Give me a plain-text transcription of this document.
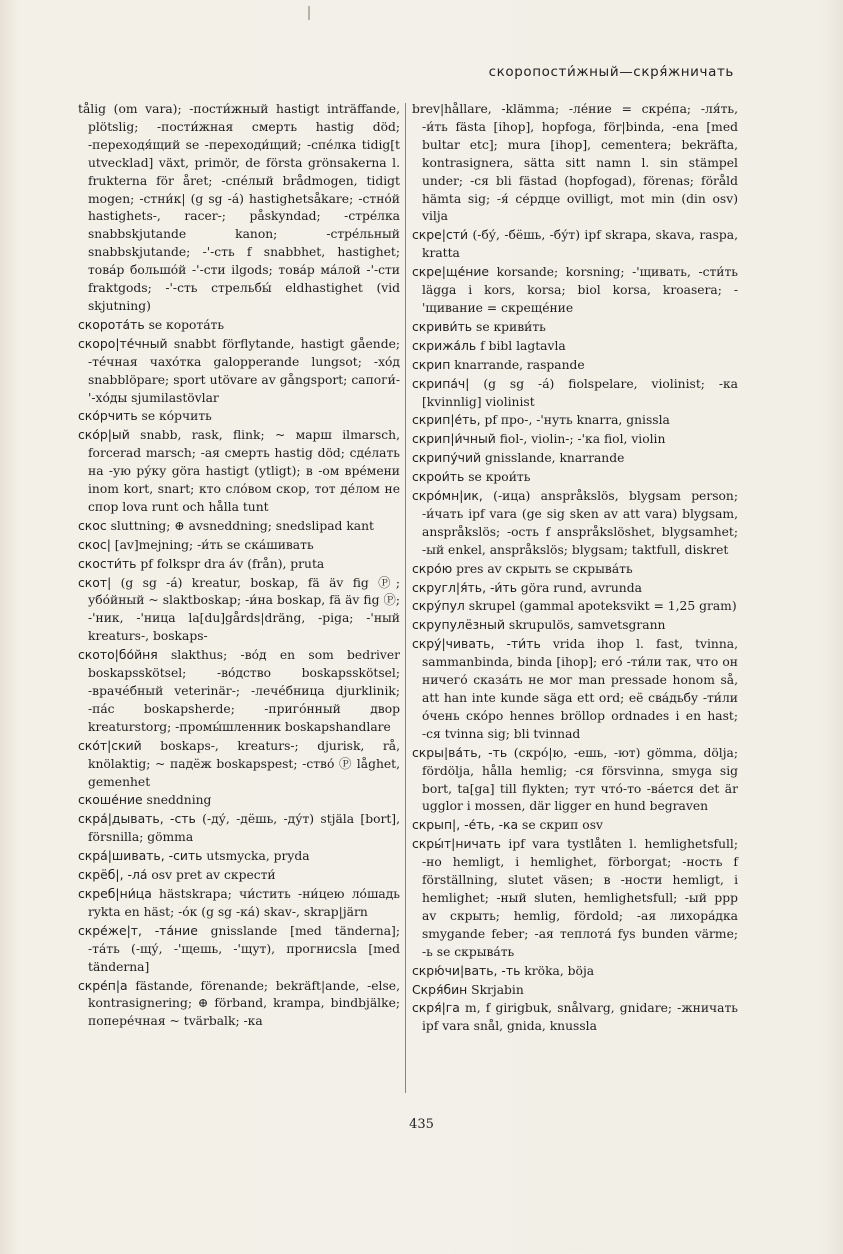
скоропости́жный—скря́жничать
tålig (om vara); -пости́жный hastigt inträffande, plötslig; -пости́жная смерть hastig död; -переходя́щий se -переходи́щий; -спе́лка tidig[t utvecklad] växt, primör, de första grönsakerna l. frukterna för året; -спе́лый brådmogen, tidigt mogen; -стни́к| (g sg -á) hastighetsåkare; -стно́й hastighets-, racer-; påskyndad; -стре́лка snabbskjutande kanon; -стре́льный snabbskjutande; -'-сть f snabbhet, hastighet; това́р большо́й -'-сти ilgods; това́р ма́лой -'-сти fraktgods; -'-сть стрельбы́ eldhastighet (vid skjutning)
скорота́ть se корота́ть
скоро|те́чный snabbt förflytande, hastigt gående; -те́чная чахо́тка galopperande lungsot; -хо́д snabblöpare; sport utövare av gångsport; сапоги́-'-хо́ды sjumilastövlar
ско́рчить se ко́рчить
ско́р|ый snabb, rask, flink; ~ марш ilmarsch, forcerad marsch; -ая смерть hastig död; сде́лать на -ую ру́ку göra hastigt (ytligt); в -ом вре́мени inom kort, snart; кто сло́вом скор, тот де́лом не спор lova runt och hålla tunt
скос sluttning; ⊕ avsneddning; snedslipad kant
скос| [av]mejning; -и́ть se ска́шивать
скости́ть pf folkspr dra áv (från), pruta
скот| (g sg -á) kreatur, boskap, fä äv fig Ⓟ; убо́йный ~ slaktboskap; -и́на boskap, fä äv fig Ⓟ; -'ник, -'ница la[du]gårds|dräng, -piga; -'ный kreaturs-, boskaps-
ското|бо́йня slakthus; -во́д en som bedriver boskapsskötsel; -во́дство boskapsskötsel; -врачéбный veterinär-; -лечéбница djurklinik; -па́с boskapsherde; -пригóнный двор kreaturstorg; -промы́шленник boskapshandlare
ско́т|ский boskaps-, kreaturs-; djurisk, rå, knölaktig; ~ падёж boskapspest; -ство́ Ⓟ låghet, gemenhet
скоше́ние sneddning
скра́|дывать, -сть (-ду́, -дёшь, -ду́т) stjäla [bort], försnilla; gömma
скра́|шивать, -сить utsmycka, pryda
скрёб|, -ла́ osv pret av скрести́
скреб|ни́ца hästskrapa; чи́стить -ни́цею ло́шадь rykta en häst; -о́к (g sg -ка́) skav-, skrap|järn
скре́же|т, -та́ние gnisslande [med tänderna]; -та́ть (-щу́, -'щешь, -'щут), прогнисsla [med tänderna]
скре́п|а fästande, förenande; bekräft|ande, -else, kontrasignering; ⊕ förband, krampa, bindbjälke; попере́чная ~ tvärbalk; -ка
brev|hållare, -klämma; -ле́ние = скре́па; -ля́ть, -и́ть fästa [ihop], hopfoga, för|binda, -ena [med bultar etc]; mura [ihop], cementera; bekräfta, kontrasignera, sätta sitt namn l. sin stämpel under; -ся bli fästad (hopfogad), förenas; föråld hämta sig; -я́ се́рдце ovilligt, mot min (din osv) vilja
скре|сти́ (-бу́, -бёшь, -бу́т) ipf skrapa, skava, raspa, kratta
скре|ще́ние korsande; korsning; -'щивать, -сти́ть lägga i kors, korsa; biol korsa, kroasera; -'щивание = скреще́ние
скриви́ть se криви́ть
скрижа́ль f bibl lagtavla
скрип knarrande, raspande
скрипа́ч| (g sg -á) fiolspelare, violinist; -ка [kvinnlig] violinist
скрип|е́ть, pf про-, -'нуть knarra, gnissla
скрип|и́чный fiol-, violin-; -'ка fiol, violin
скрипу́чий gnisslande, knarrande
скрои́ть se крои́ть
скро́мн|ик, (-ица) anspråkslös, blygsam person; -и́чать ipf vara (ge sig sken av att vara) blygsam, anspråkslös; -ость f anspråkslöshet, blygsamhet; -ый enkel, anspråkslös; blygsam; taktfull, diskret
скро́ю pres av скрыть se скрыва́ть
скругл|я́ть, -и́ть göra rund, avrunda
скру́пул skrupel (gammal apoteksvikt = 1,25 gram)
скрупулёзный skrupulös, samvetsgrann
скру́|чивать, -ти́ть vrida ihop l. fast, tvinna, sammanbinda, binda [ihop]; его́ -ти́ли так, что он ничего́ сказа́ть не мог man pressade honom så, att han inte kunde säga ett ord; её сва́дьбу -ти́ли о́чень ско́ро hennes bröllop ordnades i en hast; -ся tvinna sig; bli tvinnad
скры|ва́ть, -ть (скро́|ю, -ешь, -ют) gömma, dölja; fördölja, hålla hemlig; -ся försvinna, smyga sig bort, ta[ga] till flykten; тут что́-то -ва́ется det är ugglor i mossen, där ligger en hund begraven
скрып|, -е́ть, -ка se скрип osv
скры́т|ничать ipf vara tystlåten l. hemlighetsfull; -но hemligt, i hemlighet, förborgat; -ность f förställning, slutet väsen; в -ности hemligt, i hemlighet; -ный sluten, hemlighetsfull; -ый ppp av скрыть; hemlig, fördold; -ая лихора́дка smygande feber; -ая теплота́ fys bunden värme; -ь se скрыва́ть
скрю́чи|вать, -ть kröka, böja
Скря́бин Skrjabin
скря́|га m, f girigbuk, snålvarg, gnidare; -жничать ipf vara snål, gnida, knussla
435
